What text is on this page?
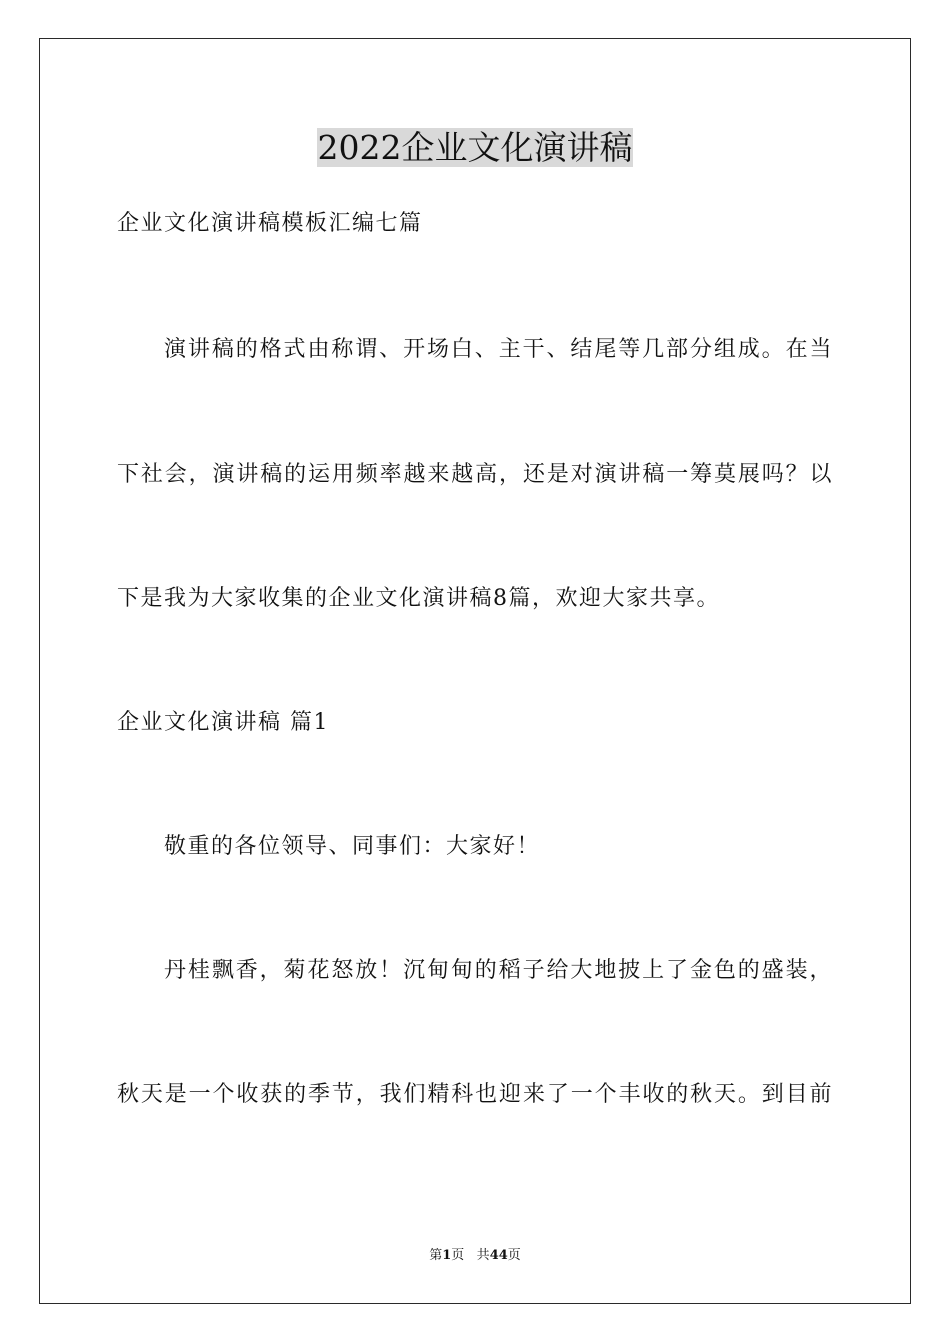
2022企业文化演讲稿
企业文化演讲稿模板汇编七篇
演讲稿的格式由称谓、开场白、主干、结尾等几部分组成。在当
下社会，演讲稿的运用频率越来越高，还是对演讲稿一筹莫展吗？以
下是我为大家收集的企业文化演讲稿8篇，欢迎大家共享。
企业文化演讲稿 篇1
敬重的各位领导、同事们：大家好！
丹桂飘香，菊花怒放！沉甸甸的稻子给大地披上了金色的盛装，
秋天是一个收获的季节，我们精科也迎来了一个丰收的秋天。到目前
第1页 共44页
